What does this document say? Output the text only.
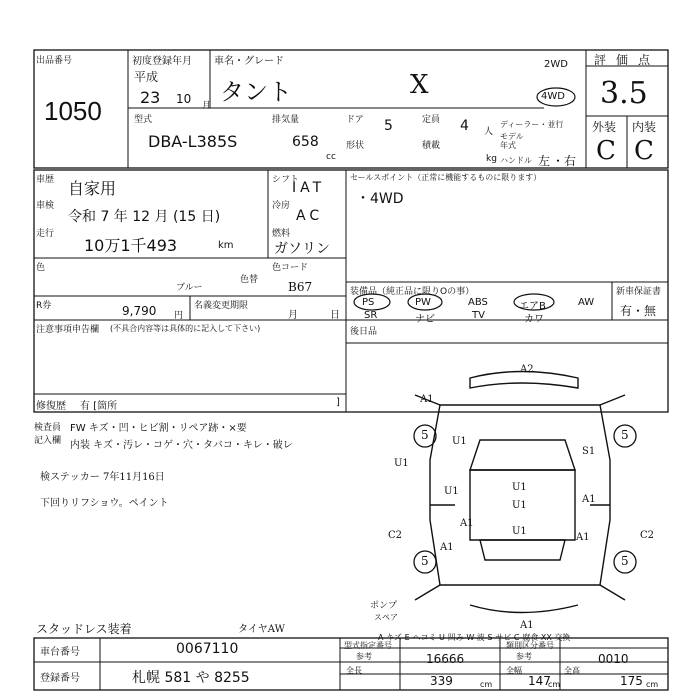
出品番号
1050
初度登録年月
平成
23 10 月
車名・グレード
タント	X
型式
DBA-L385S
排気量
658
cc
ドア 5	定員 4 人
形状	積載
kg ハンドル 左 ・ 右
2WD
4WD
ディーラー・並行
モデル年式
評価点
3.5
外装 内装
C C
車歴 自家用
車検
令和 7 年 12 月 (15 日)
走行
10万1千493	km
シフト
IAT
冷房
AC
燃料
ガソリン
色
ブルー
色替
色コード
B67
R券	9,790 円
名義変更期限
月	日
セールスポイント（正常に機能するものに限ります）
・4WD
装備品（純正品に限りOの事）
PS	PW	ABS	エアB	AW
SR	ナビ	TV	カワ
新車保証書
有・無
注意事項申告欄 (不具合内容等は具体的に記入して下さい)	後日品
修復歴 有 [箇所	]
検査員
記入欄
FW キズ・凹・ヒビ割・リペア跡・×要
内装 キズ・汚レ・コゲ・穴・タバコ・キレ・破レ
検ステッカー 7年11月16日
下回りリフショウ。ペイント
スタッドレス装着	タイヤAW
A2
A1
U1
U1
S1
U1
U1
U1
U1
A1
A1
A1
A1
C2	C2
A1
5	5
5	5
ポンプ
スペア
A-キズ E-ヘコミ U-凹み W-波 S-サビ C-腐食 XX-交換
車台番号	0067110
登録番号	札幌 581 や 8255
型式指定番号
参考	16666
類別区分番号
参考	0010
全長
339	cm
全幅
147
cm
全高
175 cm
